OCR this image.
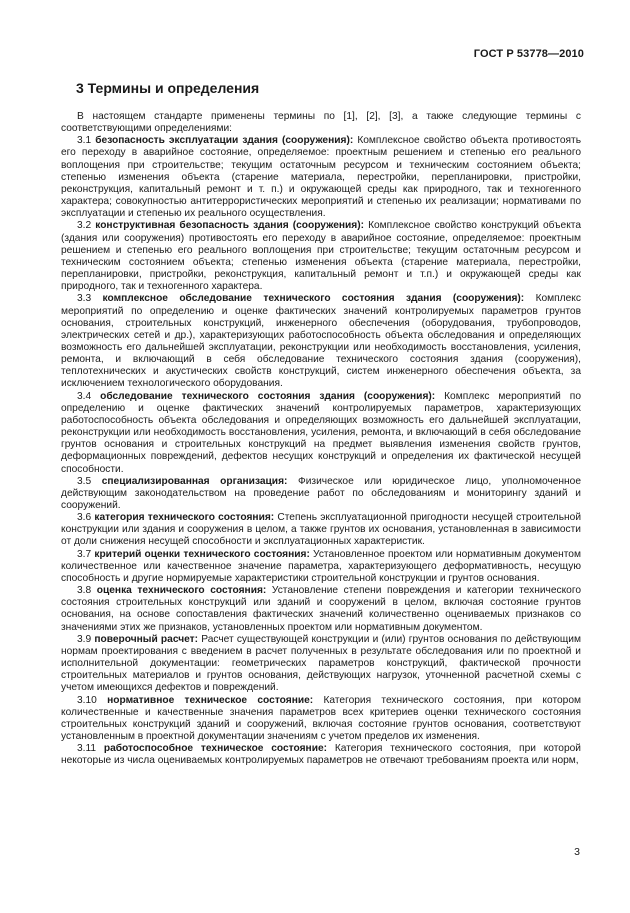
ГОСТ Р 53778—2010
3 Термины и определения

В настоящем стандарте применены термины по [1], [2], [3], а также следующие термины с соответствующими определениями:

3.1 безопасность эксплуатации здания (сооружения): Комплексное свойство объекта противостоять его переходу в аварийное состояние, определяемое: проектным решением и степенью его реального воплощения при строительстве; текущим остаточным ресурсом и техническим состоянием объекта; степенью изменения объекта (старение материала, перестройки, перепланировки, пристройки, реконструкция, капитальный ремонт и т. п.) и окружающей среды как природного, так и техногенного характера; совокупностью антитеррористических мероприятий и степенью их реализации; нормативами по эксплуатации и степенью их реального осуществления.

3.2 конструктивная безопасность здания (сооружения): Комплексное свойство конструкций объекта (здания или сооружения) противостоять его переходу в аварийное состояние, определяемое: проектным решением и степенью его реального воплощения при строительстве; текущим остаточным ресурсом и техническим состоянием объекта; степенью изменения объекта (старение материала, перестройки, перепланировки, пристройки, реконструкция, капитальный ремонт и т.п.) и окружающей среды как природного, так и техногенного характера.

3.3 комплексное обследование технического состояния здания (сооружения): Комплекс мероприятий по определению и оценке фактических значений контролируемых параметров грунтов основания, строительных конструкций, инженерного обеспечения (оборудования, трубопроводов, электрических сетей и др.), характеризующих работоспособность объекта обследования и определяющих возможность его дальнейшей эксплуатации, реконструкции или необходимость восстановления, усиления, ремонта, и включающий в себя обследование технического состояния здания (сооружения), теплотехнических и акустических свойств конструкций, систем инженерного обеспечения объекта, за исключением технологического оборудования.

3.4 обследование технического состояния здания (сооружения): Комплекс мероприятий по определению и оценке фактических значений контролируемых параметров, характеризующих работоспособность объекта обследования и определяющих возможность его дальнейшей эксплуатации, реконструкции или необходимость восстановления, усиления, ремонта, и включающий в себя обследование грунтов основания и строительных конструкций на предмет выявления изменения свойств грунтов, деформационных повреждений, дефектов несущих конструкций и определения их фактической несущей способности.

3.5 специализированная организация: Физическое или юридическое лицо, уполномоченное действующим законодательством на проведение работ по обследованиям и мониторингу зданий и сооружений.

3.6 категория технического состояния: Степень эксплуатационной пригодности несущей строительной конструкции или здания и сооружения в целом, а также грунтов их основания, установленная в зависимости от доли снижения несущей способности и эксплуатационных характеристик.

3.7 критерий оценки технического состояния: Установленное проектом или нормативным документом количественное или качественное значение параметра, характеризующего деформативность, несущую способность и другие нормируемые характеристики строительной конструкции и грунтов основания.

3.8 оценка технического состояния: Установление степени повреждения и категории технического состояния строительных конструкций или зданий и сооружений в целом, включая состояние грунтов основания, на основе сопоставления фактических значений количественно оцениваемых признаков со значениями этих же признаков, установленных проектом или нормативным документом.

3.9 поверочный расчет: Расчет существующей конструкции и (или) грунтов основания по действующим нормам проектирования с введением в расчет полученных в результате обследования или по проектной и исполнительной документации: геометрических параметров конструкций, фактической прочности строительных материалов и грунтов основания, действующих нагрузок, уточненной расчетной схемы с учетом имеющихся дефектов и повреждений.

3.10 нормативное техническое состояние: Категория технического состояния, при котором количественные и качественные значения параметров всех критериев оценки технического состояния строительных конструкций зданий и сооружений, включая состояние грунтов основания, соответствуют установленным в проектной документации значениям с учетом пределов их изменения.

3.11 работоспособное техническое состояние: Категория технического состояния, при которой некоторые из числа оцениваемых контролируемых параметров не отвечают требованиям проекта или норм,

3
